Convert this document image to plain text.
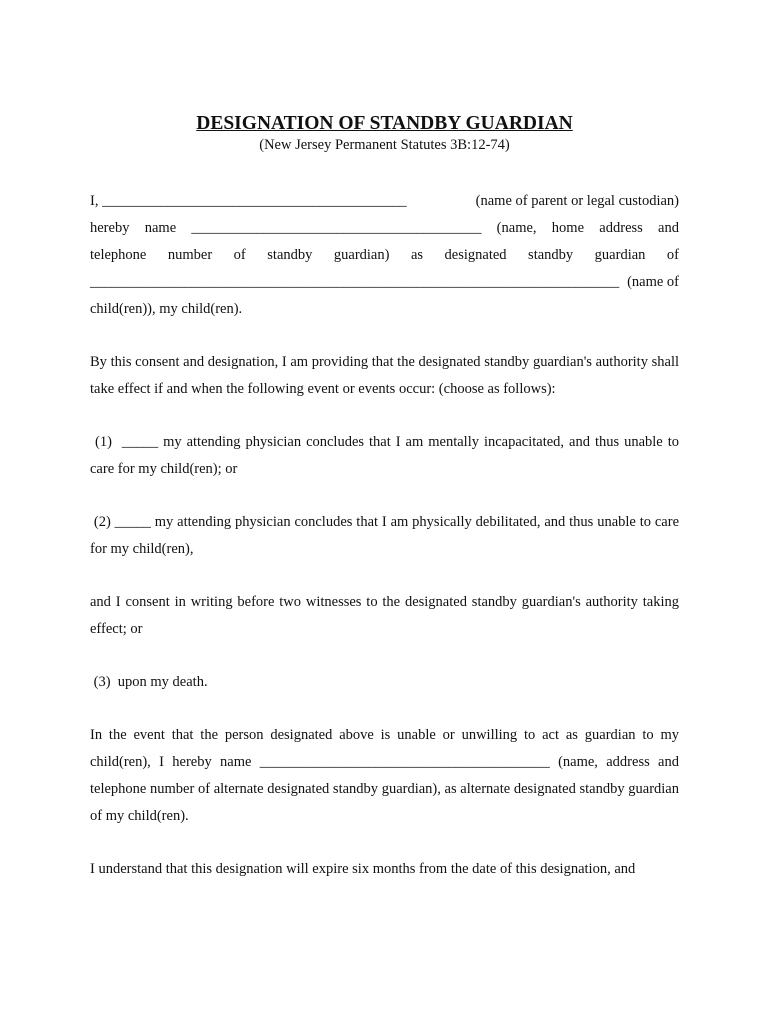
DESIGNATION OF STANDBY GUARDIAN

(New Jersey Permanent Statutes 3B:12-74)

I, __________________________________________	(name of parent or legal custodian)

hereby name ________________________________________ (name, home address and

telephone number of standby guardian) as designated standby guardian of

_________________________________________________________________________ (name of

child(ren)), my child(ren).

By this consent and designation, I am providing that the designated standby guardian's authority shall take effect if and when the following event or events occur: (choose as follows):

(1)  _____ my attending physician concludes that I am mentally incapacitated, and thus unable to care for my child(ren); or

(2) _____ my attending physician concludes that I am physically debilitated, and thus unable to care for my child(ren),

and I consent in writing before two witnesses to the designated standby guardian's authority taking effect; or

(3)  upon my death.

In the event that the person designated above is unable or unwilling to act as guardian to my child(ren), I hereby name ________________________________________ (name, address and telephone number of alternate designated standby guardian), as alternate designated standby guardian of my child(ren).

I understand that this designation will expire six months from the date of this designation, and
